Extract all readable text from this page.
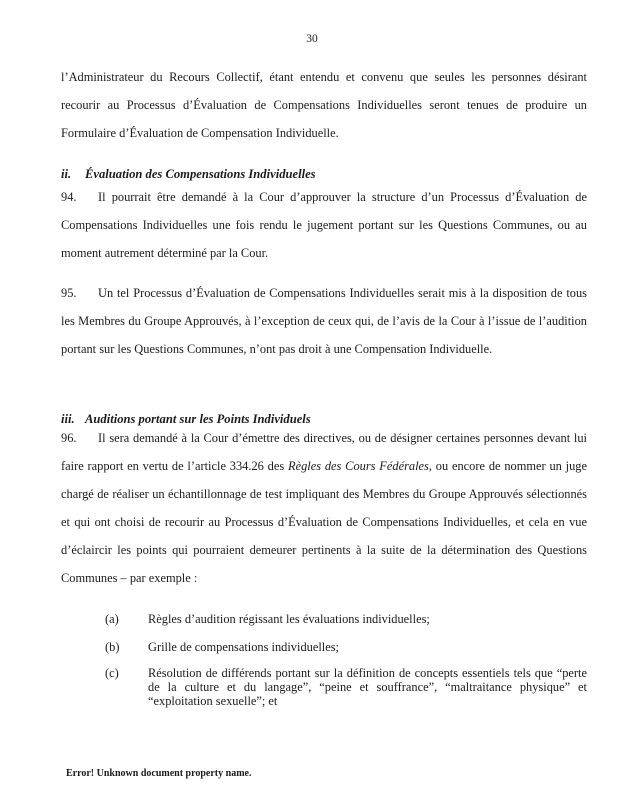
30

l’Administrateur du Recours Collectif, étant entendu et convenu que seules les personnes désirant recourir au Processus d’Évaluation de Compensations Individuelles seront tenues de produire un Formulaire d’Évaluation de Compensation Individuelle.

ii. Évaluation des Compensations Individuelles

94. Il pourrait être demandé à la Cour d’approuver la structure d’un Processus d’Évaluation de Compensations Individuelles une fois rendu le jugement portant sur les Questions Communes, ou au moment autrement déterminé par la Cour.

95. Un tel Processus d’Évaluation de Compensations Individuelles serait mis à la disposition de tous les Membres du Groupe Approuvés, à l’exception de ceux qui, de l’avis de la Cour à l’issue de l’audition portant sur les Questions Communes, n’ont pas droit à une Compensation Individuelle.

iii. Auditions portant sur les Points Individuels

96. Il sera demandé à la Cour d’émettre des directives, ou de désigner certaines personnes devant lui faire rapport en vertu de l’article 334.26 des Règles des Cours Fédérales, ou encore de nommer un juge chargé de réaliser un échantillonnage de test impliquant des Membres du Groupe Approuvés sélectionnés et qui ont choisi de recourir au Processus d’Évaluation de Compensations Individuelles, et cela en vue d’éclaircir les points qui pourraient demeurer pertinents à la suite de la détermination des Questions Communes – par exemple :

(a)	Règles d’audition régissant les évaluations individuelles;
(b)	Grille de compensations individuelles;
(c)	Résolution de différends portant sur la définition de concepts essentiels tels que “perte de la culture et du langage”, “peine et souffrance”, “maltraitance physique” et “exploitation sexuelle”; et
Error! Unknown document property name.
